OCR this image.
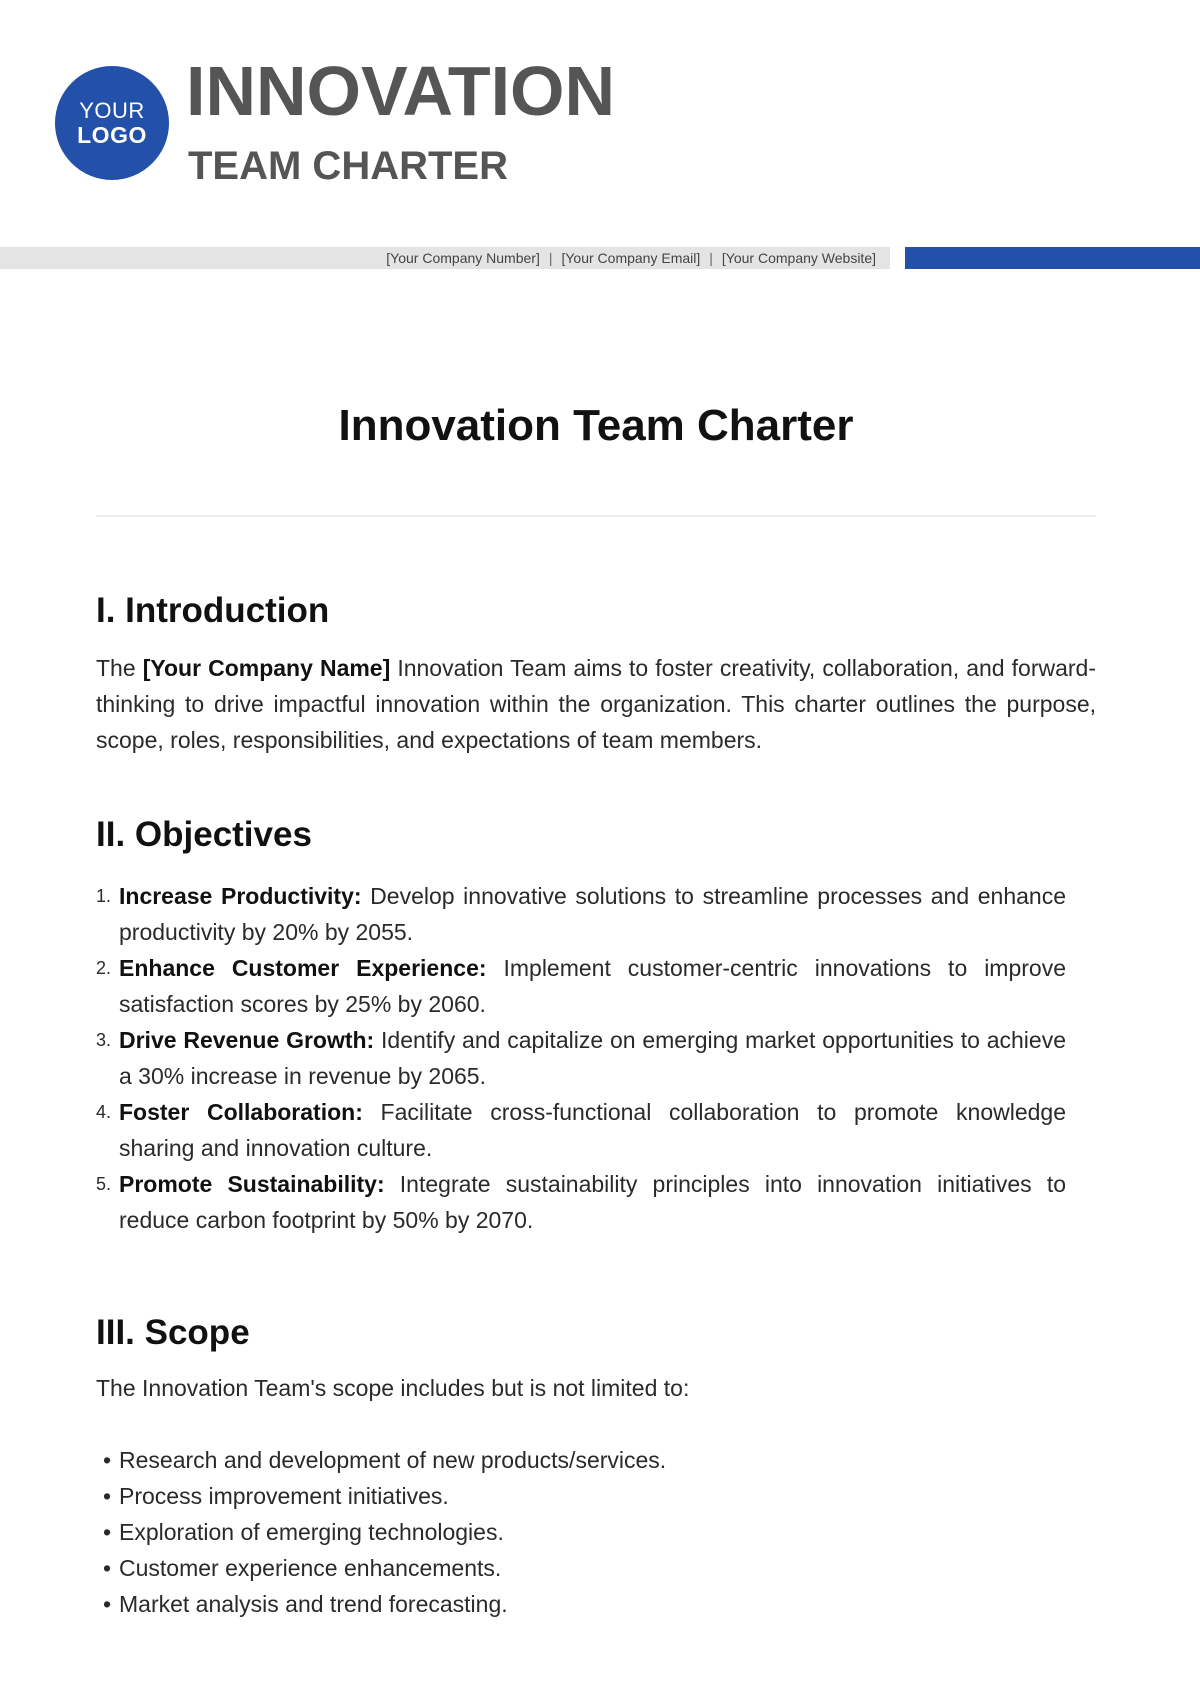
YOUR
LOGO
INNOVATION
TEAM CHARTER
[Your Company Number] | [Your Company Email] | [Your Company Website]
Innovation Team Charter
I. Introduction

The [Your Company Name] Innovation Team aims to foster creativity, collaboration, and forward-thinking to drive impactful innovation within the organization. This charter outlines the purpose, scope, roles, responsibilities, and expectations of team members.

II. Objectives
1. Increase Productivity: Develop innovative solutions to streamline processes and enhance productivity by 20% by 2055.
2. Enhance Customer Experience: Implement customer-centric innovations to improve satisfaction scores by 25% by 2060.
3. Drive Revenue Growth: Identify and capitalize on emerging market opportunities to achieve a 30% increase in revenue by 2065.
4. Foster Collaboration: Facilitate cross-functional collaboration to promote knowledge sharing and innovation culture.
5. Promote Sustainability: Integrate sustainability principles into innovation initiatives to reduce carbon footprint by 50% by 2070.
III. Scope

The Innovation Team's scope includes but is not limited to:

• Research and development of new products/services.
• Process improvement initiatives.
• Exploration of emerging technologies.
• Customer experience enhancements.
• Market analysis and trend forecasting.
